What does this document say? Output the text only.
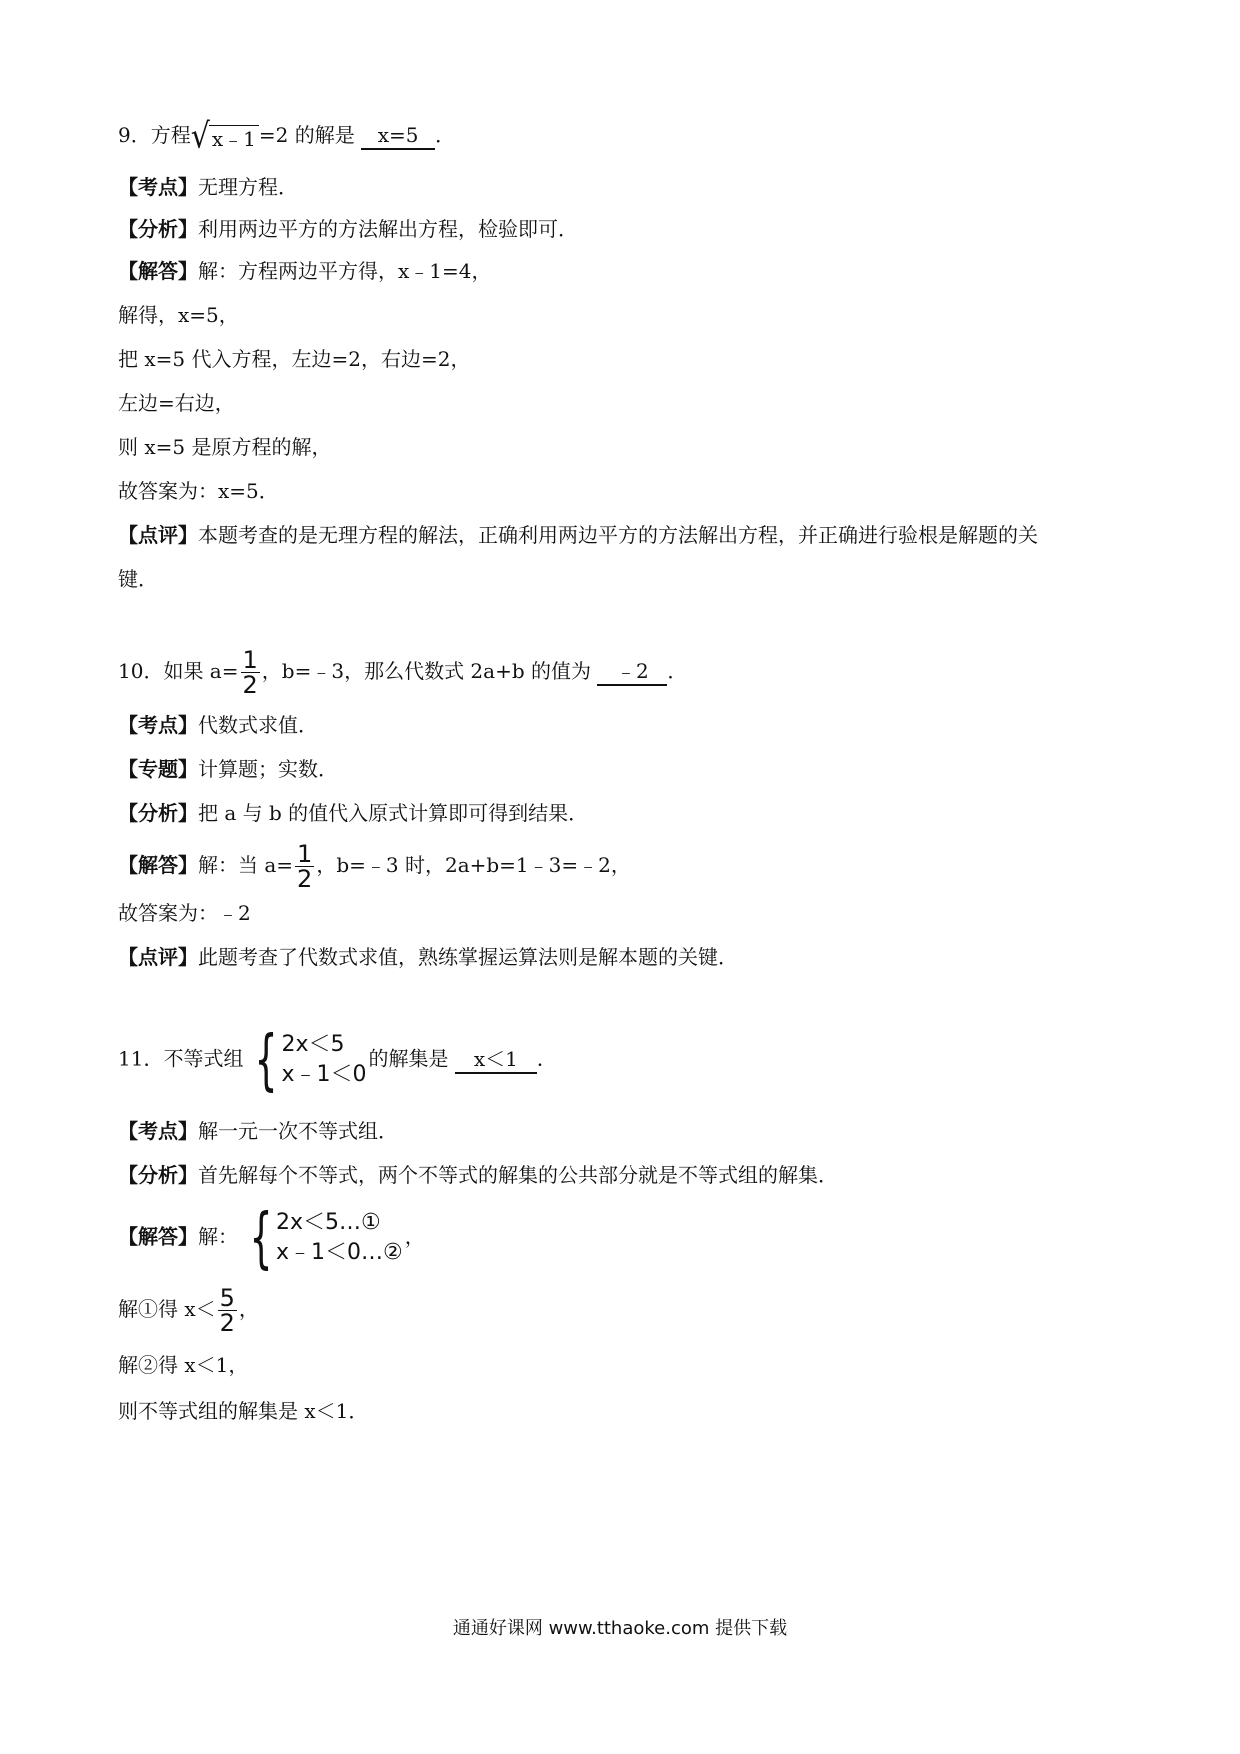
9．方程 √ x﹣1 =2 的解是 x=5 ．
【考点】无理方程．
【分析】利用两边平方的方法解出方程，检验即可．
【解答】解：方程两边平方得，x﹣1=4，
解得，x=5，
把 x=5 代入方程，左边=2，右边=2，
左边=右边，
则 x=5 是原方程的解，
故答案为：x=5．
【点评】本题考查的是无理方程的解法，正确利用两边平方的方法解出方程，并正确进行验根是解题的关
键．
10．如果 $a= \frac{1}{2}$ ，b=﹣3，那么代数式 2a+b 的值为 ﹣2 ．
【考点】代数式求值．
【专题】计算题；实数．
【分析】把 a 与 b 的值代入原式计算即可得到结果．
【解答】解：当 $a= \frac{1}{2}$ ，b=﹣3 时，2a+b=1﹣3=﹣2，
故答案为：﹣2
【点评】此题考查了代数式求值，熟练掌握运算法则是解本题的关键．
11．不等式组 { 2x＜5
x﹣1＜0
的解集是 x＜1 ．
【考点】解一元一次不等式组．
【分析】首先解每个不等式，两个不等式的解集的公共部分就是不等式组的解集．
【解答】解： { 2x＜5…①
x﹣1＜0…②
，
解①得 $x< \frac{5}{2}$ ，
解②得 x＜1，
则不等式组的解集是 x＜1．
通通好课网 www.tthaoke.com 提供下载
